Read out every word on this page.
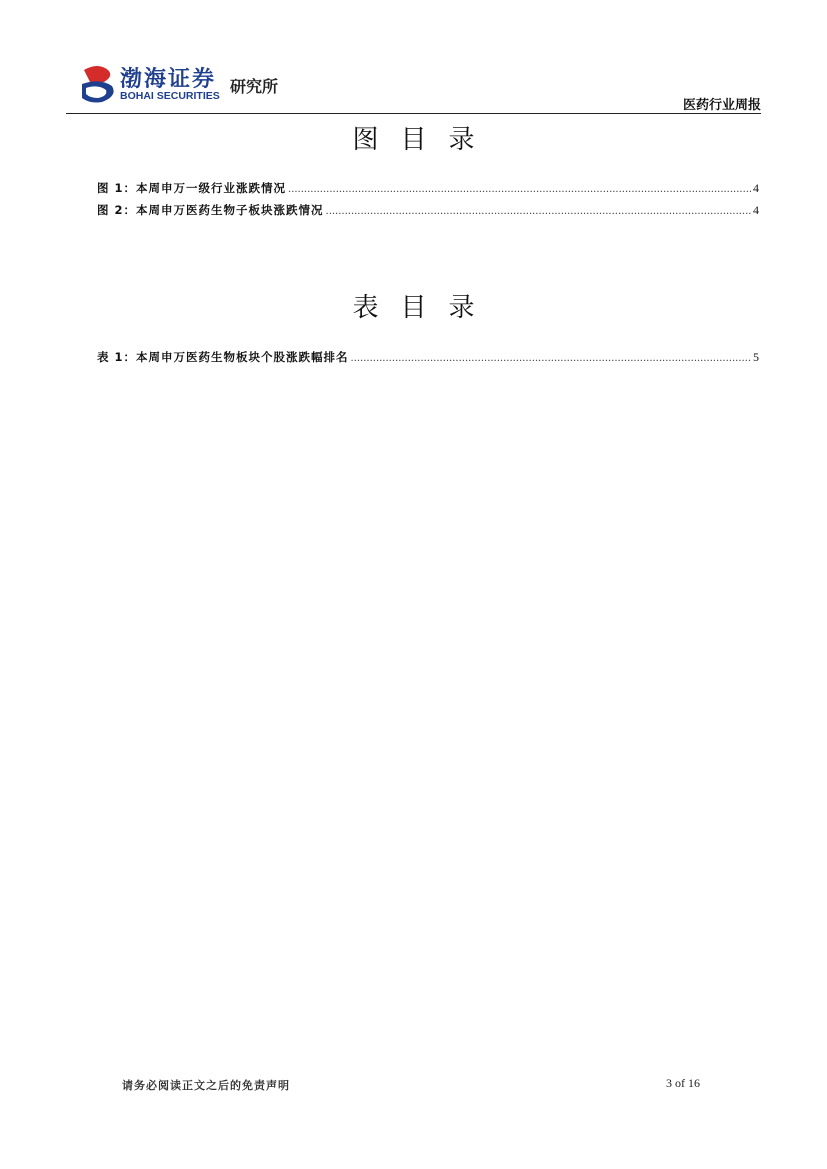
渤海证券
BOHAI SECURITIES 研究所
医药行业周报
图目录
图 1：本周申万一级行业涨跌情况 .....	4
图 2：本周申万医药生物子板块涨跌情况 .....	4
表目录
表 1：本周申万医药生物板块个股涨跌幅排名 .....	5
请务必阅读正文之后的免责声明	3 of 16
